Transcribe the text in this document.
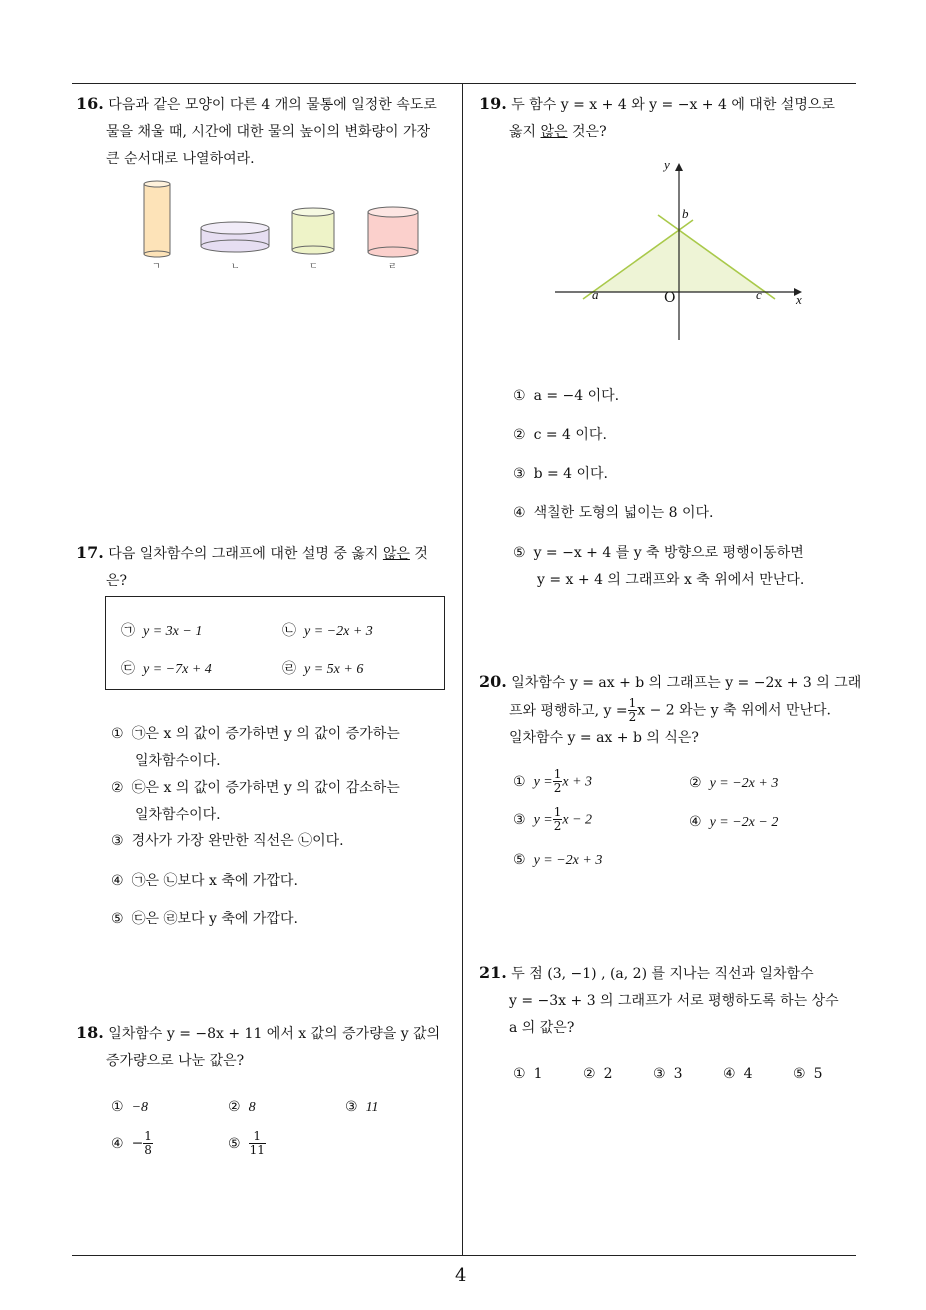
16. 다음과 같은 모양이 다른 4 개의 물통에 일정한 속도로
물을 채울 때, 시간에 대한 물의 높이의 변화량이 가장
큰 순서대로 나열하여라.
ㄱ	ㄴ	ㄷ	ㄹ
17. 다음 일차함수의 그래프에 대한 설명 중 옳지 않은 것
은?
㉠ y = 3x − 1	㉡ y = −2x + 3
㉢ y = −7x + 4	㉣ y = 5x + 6
① ㉠은 x 의 값이 증가하면 y 의 값이 증가하는
일차함수이다.
② ㉢은 x 의 값이 증가하면 y 의 값이 감소하는
일차함수이다.
③ 경사가 가장 완만한 직선은 ㉡이다.
④ ㉠은 ㉡보다 x 축에 가깝다.
⑤ ㉢은 ㉣보다 y 축에 가깝다.
18. 일차함수 y = −8x + 11 에서 x 값의 증가량을 y 값의
증가량으로 나눈 값은?
① −8	② 8	③ 11
④ − $\frac{1}{8}$	⑤ $\frac{1}{11}$
19. 두 함수 y = x + 4 와 y = −x + 4 에 대한 설명으로
옳지 않은 것은?
y
x
O
a
b
c
① a = −4 이다.
② c = 4 이다.
③ b = 4 이다.
④ 색칠한 도형의 넓이는 8 이다.
⑤ y = −x + 4 를 y 축 방향으로 평행이동하면
y = x + 4 의 그래프와 x 축 위에서 만난다.
20. 일차함수 y = ax + b 의 그래프는 y = −2x + 3 의 그래
프와 평행하고, $y = \frac{1}{2}$ x − 2 와는 y 축 위에서 만난다.
일차함수 y = ax + b 의 식은?
① $y = \frac{1}{2}$ x + 3	② y = −2x + 3
③ $y = \frac{1}{2}$ x − 2	④ y = −2x − 2
⑤ y = −2x + 3
21. 두 점 (3, −1) , (a, 2) 를 지나는 직선과 일차함수
y = −3x + 3 의 그래프가 서로 평행하도록 하는 상수
a 의 값은?
① 1	② 2	③ 3	④ 4	⑤ 5
4
